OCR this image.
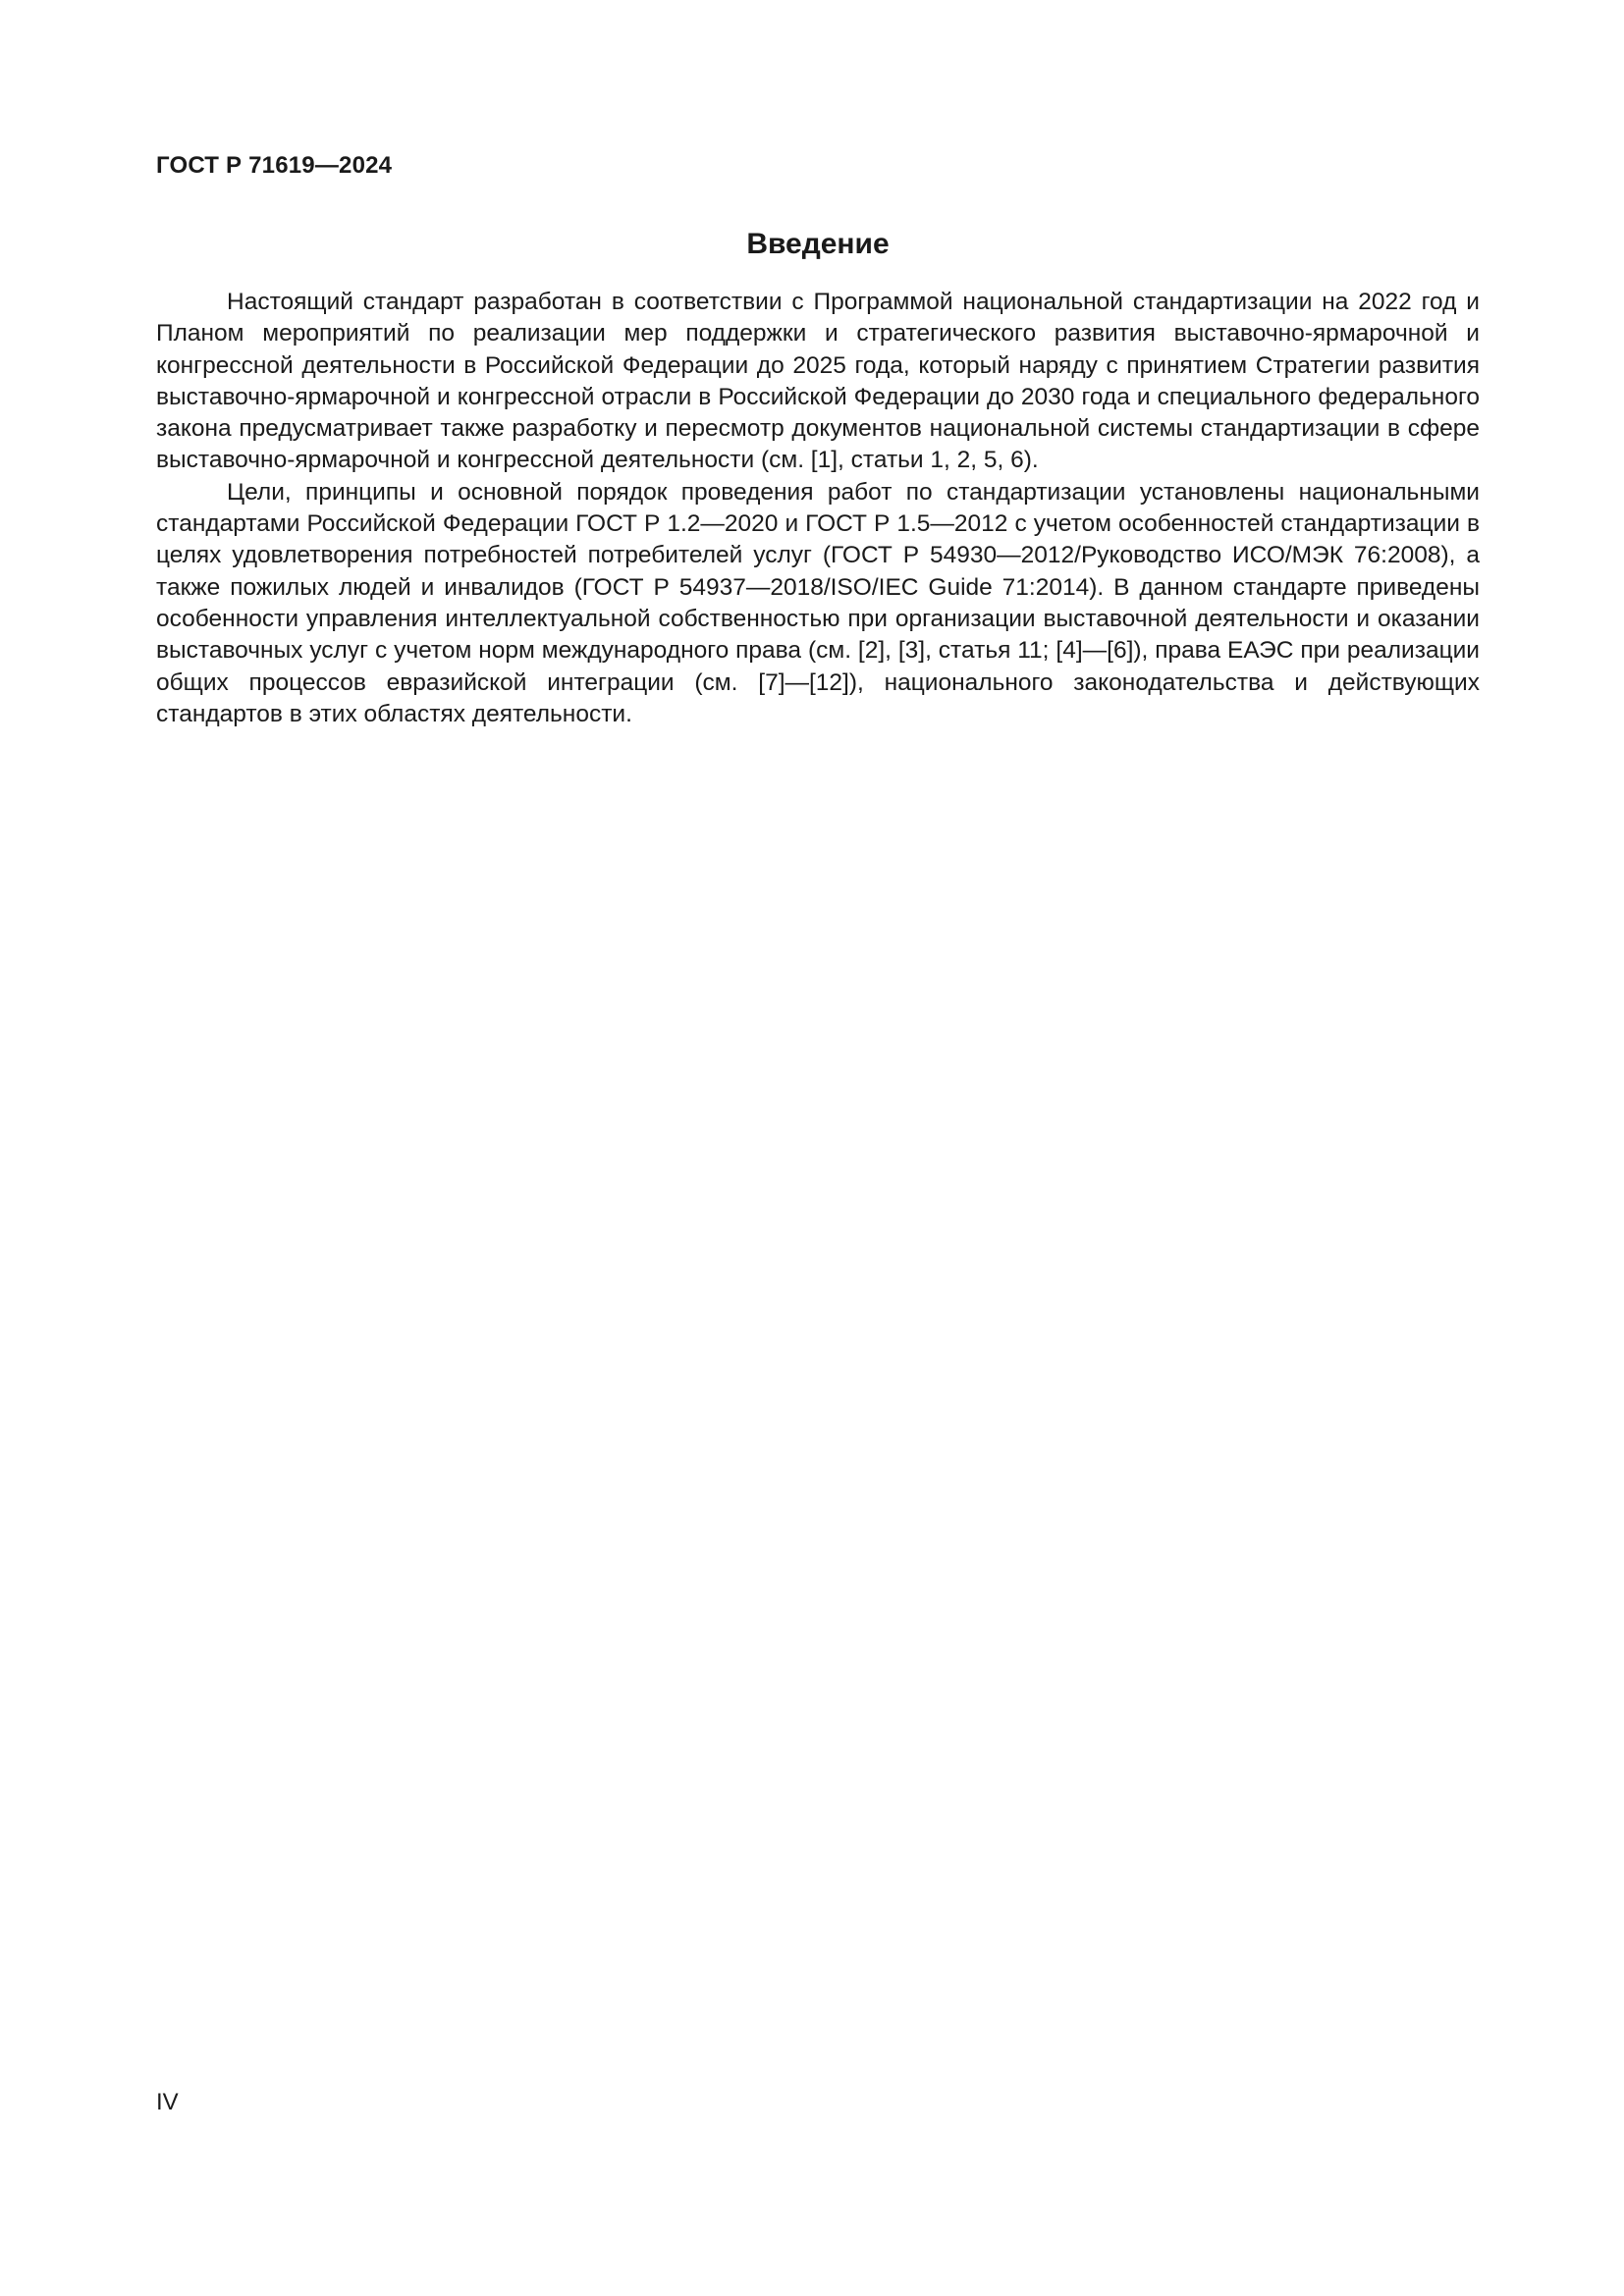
ГОСТ Р 71619—2024
Введение

Настоящий стандарт разработан в соответствии с Программой национальной стандартизации на 2022 год и Планом мероприятий по реализации мер поддержки и стратегического развития выставочно-ярмарочной и конгрессной деятельности в Российской Федерации до 2025 года, который наряду с принятием Стратегии развития выставочно-ярмарочной и конгрессной отрасли в Российской Федерации до 2030 года и специального федерального закона предусматривает также разработку и пересмотр документов национальной системы стандартизации в сфере выставочно-ярмарочной и конгрессной деятельности (см. [1], статьи 1, 2, 5, 6).

Цели, принципы и основной порядок проведения работ по стандартизации установлены национальными стандартами Российской Федерации ГОСТ Р 1.2—2020 и ГОСТ Р 1.5—2012 с учетом особенностей стандартизации в целях удовлетворения потребностей потребителей услуг (ГОСТ Р 54930—2012/Руководство ИСО/МЭК 76:2008), а также пожилых людей и инвалидов (ГОСТ Р 54937—2018/ISO/IEC Guide 71:2014). В данном стандарте приведены особенности управления интеллектуальной собственностью при организации выставочной деятельности и оказании выставочных услуг с учетом норм международного права (см. [2], [3], статья 11; [4]—[6]), права ЕАЭС при реализации общих процессов евразийской интеграции (см. [7]—[12]), национального законодательства и действующих стандартов в этих областях деятельности.

IV
